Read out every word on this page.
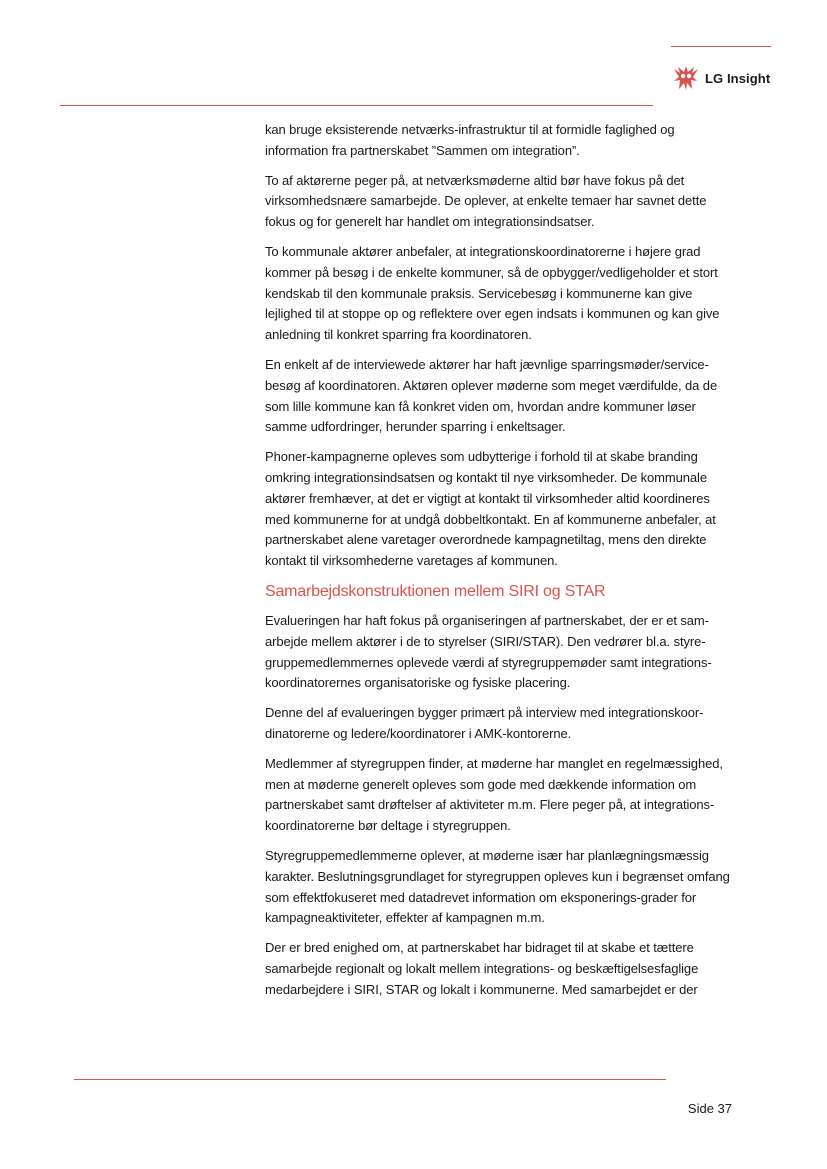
LG Insight

kan bruge eksisterende netværks-infrastruktur til at formidle faglighed og information fra partnerskabet ”Sammen om integration”.

To af aktørerne peger på, at netværksmøderne altid bør have fokus på det virksomhedsnære samarbejde. De oplever, at enkelte temaer har savnet dette fokus og for generelt har handlet om integrationsindsatser.

To kommunale aktører anbefaler, at integrationskoordinatorerne i højere grad kommer på besøg i de enkelte kommuner, så de opbygger/vedligeholder et stort kendskab til den kommunale praksis. Servicebesøg i kommunerne kan give lejlighed til at stoppe op og reflektere over egen indsats i kommunen og kan give anledning til konkret sparring fra koordinatoren.

En enkelt af de interviewede aktører har haft jævnlige sparringsmøder/service-besøg af koordinatoren. Aktøren oplever møderne som meget værdifulde, da de som lille kommune kan få konkret viden om, hvordan andre kommuner løser samme udfordringer, herunder sparring i enkeltsager.

Phoner-kampagnerne opleves som udbytterige i forhold til at skabe branding omkring integrationsindsatsen og kontakt til nye virksomheder. De kommunale aktører fremhæver, at det er vigtigt at kontakt til virksomheder altid koordineres med kommunerne for at undgå dobbeltkontakt. En af kommunerne anbefaler, at partnerskabet alene varetager overordnede kampagnetiltag, mens den direkte kontakt til virksomhederne varetages af kommunen.

Samarbejdskonstruktionen mellem SIRI og STAR

Evalueringen har haft fokus på organiseringen af partnerskabet, der er et sam-arbejde mellem aktører i de to styrelser (SIRI/STAR). Den vedrører bl.a. styre-gruppemedlemmernes oplevede værdi af styregruppemøder samt integrations-koordinatorernes organisatoriske og fysiske placering.

Denne del af evalueringen bygger primært på interview med integrationskoor-dinatorerne og ledere/koordinatorer i AMK-kontorerne.

Medlemmer af styregruppen finder, at møderne har manglet en regelmæssighed, men at møderne generelt opleves som gode med dækkende information om partnerskabet samt drøftelser af aktiviteter m.m. Flere peger på, at integrations-koordinatorerne bør deltage i styregruppen.

Styregruppemedlemmerne oplever, at møderne især har planlægningsmæssig karakter. Beslutningsgrundlaget for styregruppen opleves kun i begrænset omfang som effektfokuseret med datadrevet information om eksponerings-grader for kampagneaktiviteter, effekter af kampagnen m.m.

Der er bred enighed om, at partnerskabet har bidraget til at skabe et tættere samarbejde regionalt og lokalt mellem integrations- og beskæftigelsesfaglige medarbejdere i SIRI, STAR og lokalt i kommunerne. Med samarbejdet er der

Side 37
